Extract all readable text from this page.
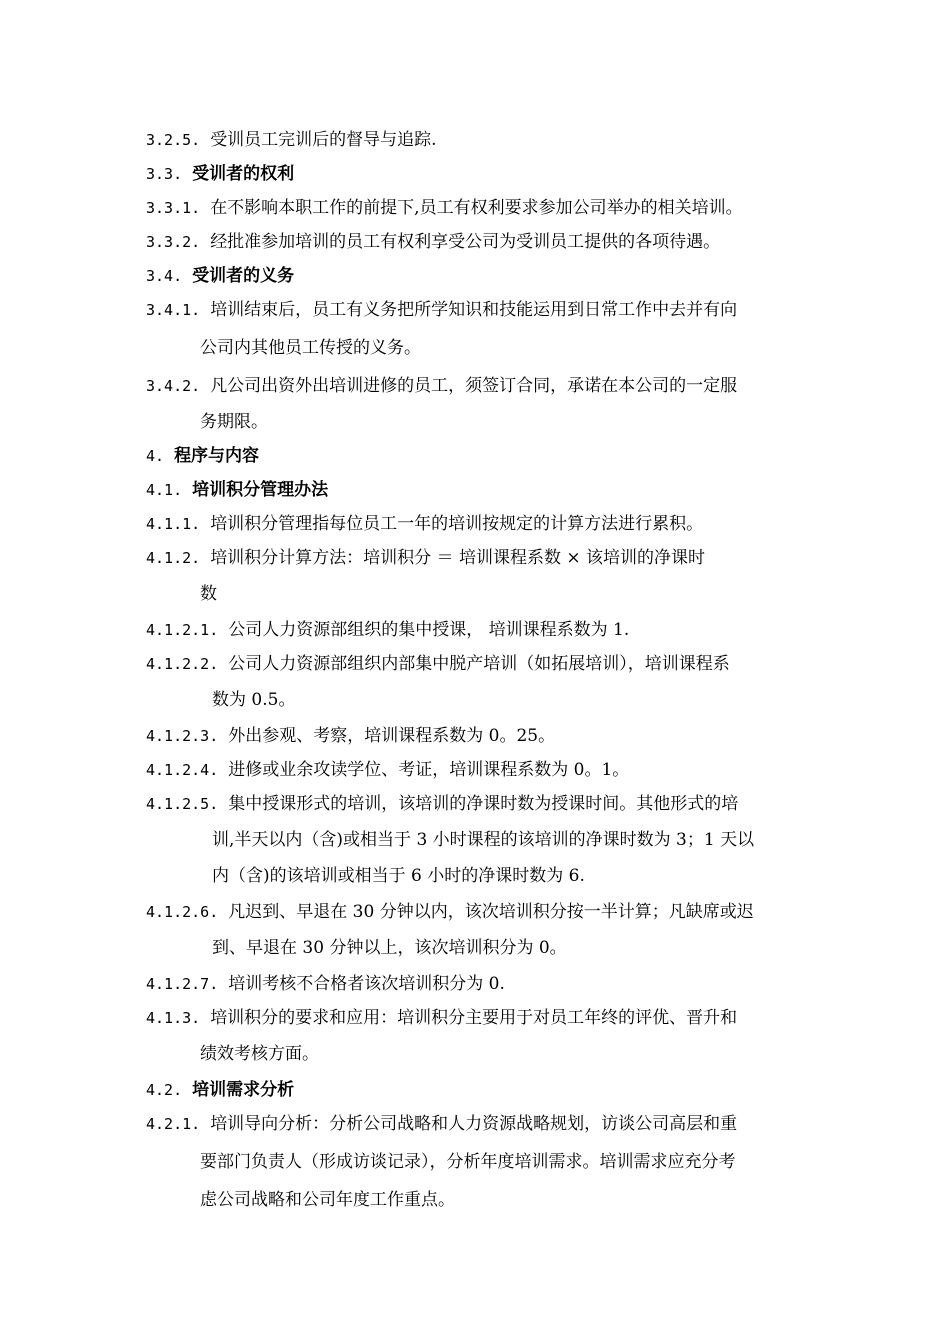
3.2.5. 受训员工完训后的督导与追踪.
3.3. 受训者的权利
3.3.1. 在不影响本职工作的前提下,员工有权利要求参加公司举办的相关培训。
3.3.2. 经批准参加培训的员工有权利享受公司为受训员工提供的各项待遇。
3.4. 受训者的义务
3.4.1. 培训结束后，员工有义务把所学知识和技能运用到日常工作中去并有向
公司内其他员工传授的义务。
3.4.2. 凡公司出资外出培训进修的员工，须签订合同，承诺在本公司的一定服
务期限。
4. 程序与内容
4.1. 培训积分管理办法
4.1.1. 培训积分管理指每位员工一年的培训按规定的计算方法进行累积。
4.1.2. 培训积分计算方法：培训积分 ＝ 培训课程系数 × 该培训的净课时
数
4.1.2.1. 公司人力资源部组织的集中授课， 培训课程系数为 1.
4.1.2.2. 公司人力资源部组织内部集中脱产培训（如拓展培训），培训课程系
数为 0.5。
4.1.2.3. 外出参观、考察，培训课程系数为 0。25。
4.1.2.4. 进修或业余攻读学位、考证，培训课程系数为 0。1。
4.1.2.5. 集中授课形式的培训，该培训的净课时数为授课时间。其他形式的培
训,半天以内（含)或相当于 3 小时课程的该培训的净课时数为 3；1 天以
内（含)的该培训或相当于 6 小时的净课时数为 6.
4.1.2.6. 凡迟到、早退在 30 分钟以内，该次培训积分按一半计算；凡缺席或迟
到、早退在 30 分钟以上，该次培训积分为 0。
4.1.2.7. 培训考核不合格者该次培训积分为 0.
4.1.3. 培训积分的要求和应用：培训积分主要用于对员工年终的评优、晋升和
绩效考核方面。
4.2. 培训需求分析
4.2.1. 培训导向分析：分析公司战略和人力资源战略规划，访谈公司高层和重
要部门负责人（形成访谈记录），分析年度培训需求。培训需求应充分考
虑公司战略和公司年度工作重点。
